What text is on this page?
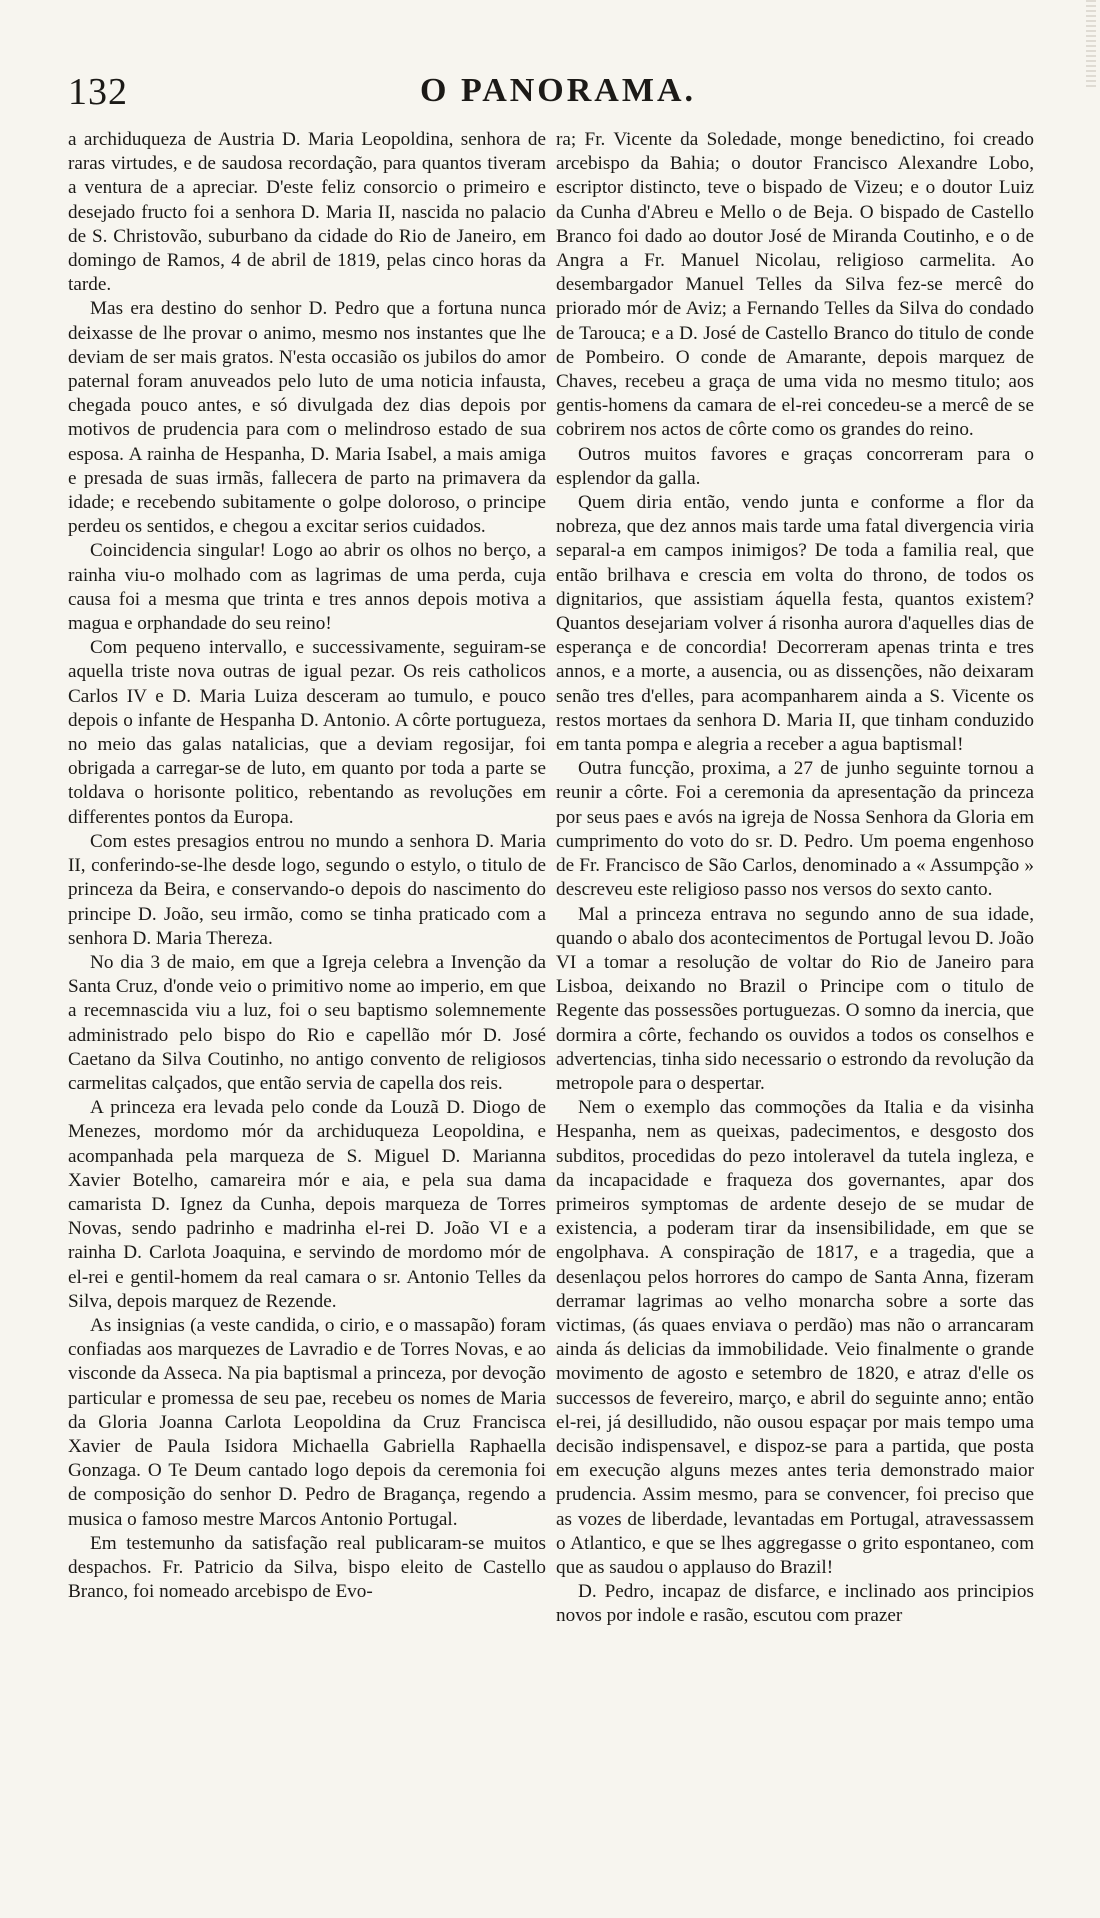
132	O PANORAMA.

a archiduqueza de Austria D. Maria Leopoldina, senhora de raras virtudes, e de saudosa recordação, para quantos tiveram a ventura de a apreciar. D'este feliz consorcio o primeiro e desejado fructo foi a senhora D. Maria II, nascida no palacio de S. Christovão, suburbano da cidade do Rio de Janeiro, em domingo de Ramos, 4 de abril de 1819, pelas cinco horas da tarde.

Mas era destino do senhor D. Pedro que a fortuna nunca deixasse de lhe provar o animo, mesmo nos instantes que lhe deviam de ser mais gratos. N'esta occasião os jubilos do amor paternal foram anuveados pelo luto de uma noticia infausta, chegada pouco antes, e só divulgada dez dias depois por motivos de prudencia para com o melindroso estado de sua esposa. A rainha de Hespanha, D. Maria Isabel, a mais amiga e presada de suas irmãs, fallecera de parto na primavera da idade; e recebendo subitamente o golpe doloroso, o principe perdeu os sentidos, e chegou a excitar serios cuidados.

Coincidencia singular! Logo ao abrir os olhos no berço, a rainha viu-o molhado com as lagrimas de uma perda, cuja causa foi a mesma que trinta e tres annos depois motiva a magua e orphandade do seu reino!

Com pequeno intervallo, e successivamente, seguiram-se aquella triste nova outras de igual pezar. Os reis catholicos Carlos IV e D. Maria Luiza desceram ao tumulo, e pouco depois o infante de Hespanha D. Antonio. A côrte portugueza, no meio das galas natalicias, que a deviam regosijar, foi obrigada a carregar-se de luto, em quanto por toda a parte se toldava o horisonte politico, rebentando as revoluções em differentes pontos da Europa.

Com estes presagios entrou no mundo a senhora D. Maria II, conferindo-se-lhe desde logo, segundo o estylo, o titulo de princeza da Beira, e conservando-o depois do nascimento do principe D. João, seu irmão, como se tinha praticado com a senhora D. Maria Thereza.

No dia 3 de maio, em que a Igreja celebra a Invenção da Santa Cruz, d'onde veio o primitivo nome ao imperio, em que a recemnascida viu a luz, foi o seu baptismo solemnemente administrado pelo bispo do Rio e capellão mór D. José Caetano da Silva Coutinho, no antigo convento de religiosos carmelitas calçados, que então servia de capella dos reis.

A princeza era levada pelo conde da Louzã D. Diogo de Menezes, mordomo mór da archiduqueza Leopoldina, e acompanhada pela marqueza de S. Miguel D. Marianna Xavier Botelho, camareira mór e aia, e pela sua dama camarista D. Ignez da Cunha, depois marqueza de Torres Novas, sendo padrinho e madrinha el-rei D. João VI e a rainha D. Carlota Joaquina, e servindo de mordomo mór de el-rei e gentil-homem da real camara o sr. Antonio Telles da Silva, depois marquez de Rezende.

As insignias (a veste candida, o cirio, e o massapão) foram confiadas aos marquezes de Lavradio e de Torres Novas, e ao visconde da Asseca. Na pia baptismal a princeza, por devoção particular e promessa de seu pae, recebeu os nomes de Maria da Gloria Joanna Carlota Leopoldina da Cruz Francisca Xavier de Paula Isidora Michaella Gabriella Raphaella Gonzaga. O Te Deum cantado logo depois da ceremonia foi de composição do senhor D. Pedro de Bragança, regendo a musica o famoso mestre Marcos Antonio Portugal.

Em testemunho da satisfação real publicaram-se muitos despachos. Fr. Patricio da Silva, bispo eleito de Castello Branco, foi nomeado arcebispo de Evo-

ra; Fr. Vicente da Soledade, monge benedictino, foi creado arcebispo da Bahia; o doutor Francisco Alexandre Lobo, escriptor distincto, teve o bispado de Vizeu; e o doutor Luiz da Cunha d'Abreu e Mello o de Beja. O bispado de Castello Branco foi dado ao doutor José de Miranda Coutinho, e o de Angra a Fr. Manuel Nicolau, religioso carmelita. Ao desembargador Manuel Telles da Silva fez-se mercê do priorado mór de Aviz; a Fernando Telles da Silva do condado de Tarouca; e a D. José de Castello Branco do titulo de conde de Pombeiro. O conde de Amarante, depois marquez de Chaves, recebeu a graça de uma vida no mesmo titulo; aos gentis-homens da camara de el-rei concedeu-se a mercê de se cobrirem nos actos de côrte como os grandes do reino.

Outros muitos favores e graças concorreram para o esplendor da galla.

Quem diria então, vendo junta e conforme a flor da nobreza, que dez annos mais tarde uma fatal divergencia viria separal-a em campos inimigos? De toda a familia real, que então brilhava e crescia em volta do throno, de todos os dignitarios, que assistiam áquella festa, quantos existem? Quantos desejariam volver á risonha aurora d'aquelles dias de esperança e de concordia! Decorreram apenas trinta e tres annos, e a morte, a ausencia, ou as dissenções, não deixaram senão tres d'elles, para acompanharem ainda a S. Vicente os restos mortaes da senhora D. Maria II, que tinham conduzido em tanta pompa e alegria a receber a agua baptismal!

Outra funcção, proxima, a 27 de junho seguinte tornou a reunir a côrte. Foi a ceremonia da apresentação da princeza por seus paes e avós na igreja de Nossa Senhora da Gloria em cumprimento do voto do sr. D. Pedro. Um poema engenhoso de Fr. Francisco de São Carlos, denominado a « Assumpção » descreveu este religioso passo nos versos do sexto canto.

Mal a princeza entrava no segundo anno de sua idade, quando o abalo dos acontecimentos de Portugal levou D. João VI a tomar a resolução de voltar do Rio de Janeiro para Lisboa, deixando no Brazil o Principe com o titulo de Regente das possessões portuguezas. O somno da inercia, que dormira a côrte, fechando os ouvidos a todos os conselhos e advertencias, tinha sido necessario o estrondo da revolução da metropole para o despertar.

Nem o exemplo das commoções da Italia e da visinha Hespanha, nem as queixas, padecimentos, e desgosto dos subditos, procedidas do pezo intoleravel da tutela ingleza, e da incapacidade e fraqueza dos governantes, apar dos primeiros symptomas de ardente desejo de se mudar de existencia, a poderam tirar da insensibilidade, em que se engolphava. A conspiração de 1817, e a tragedia, que a desenlaçou pelos horrores do campo de Santa Anna, fizeram derramar lagrimas ao velho monarcha sobre a sorte das victimas, (ás quaes enviava o perdão) mas não o arrancaram ainda ás delicias da immobilidade. Veio finalmente o grande movimento de agosto e setembro de 1820, e atraz d'elle os successos de fevereiro, março, e abril do seguinte anno; então el-rei, já desilludido, não ousou espaçar por mais tempo uma decisão indispensavel, e dispoz-se para a partida, que posta em execução alguns mezes antes teria demonstrado maior prudencia. Assim mesmo, para se convencer, foi preciso que as vozes de liberdade, levantadas em Portugal, atravessassem o Atlantico, e que se lhes aggregasse o grito espontaneo, com que as saudou o applauso do Brazil!

D. Pedro, incapaz de disfarce, e inclinado aos principios novos por indole e rasão, escutou com prazer
